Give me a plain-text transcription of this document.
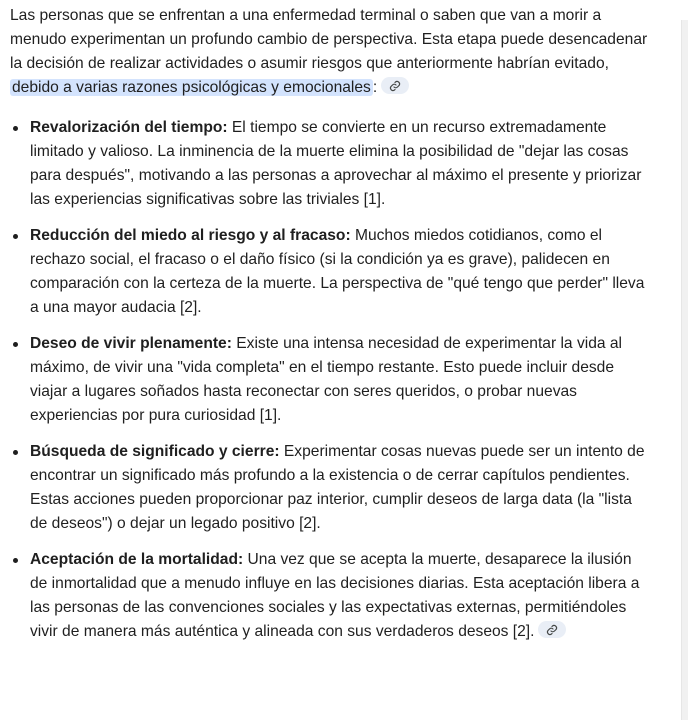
Las personas que se enfrentan a una enfermedad terminal o saben que van a morir a menudo experimentan un profundo cambio de perspectiva. Esta etapa puede desencadenar la decisión de realizar actividades o asumir riesgos que anteriormente habrían evitado, debido a varias razones psicológicas y emocionales :

Revalorización del tiempo: El tiempo se convierte en un recurso extremadamente limitado y valioso. La inminencia de la muerte elimina la posibilidad de "dejar las cosas para después", motivando a las personas a aprovechar al máximo el presente y priorizar las experiencias significativas sobre las triviales [1].
Reducción del miedo al riesgo y al fracaso: Muchos miedos cotidianos, como el rechazo social, el fracaso o el daño físico (si la condición ya es grave), palidecen en comparación con la certeza de la muerte. La perspectiva de "qué tengo que perder" lleva a una mayor audacia [2].
Deseo de vivir plenamente: Existe una intensa necesidad de experimentar la vida al máximo, de vivir una "vida completa" en el tiempo restante. Esto puede incluir desde viajar a lugares soñados hasta reconectar con seres queridos, o probar nuevas experiencias por pura curiosidad [1].
Búsqueda de significado y cierre: Experimentar cosas nuevas puede ser un intento de encontrar un significado más profundo a la existencia o de cerrar capítulos pendientes. Estas acciones pueden proporcionar paz interior, cumplir deseos de larga data (la "lista de deseos") o dejar un legado positivo [2].
Aceptación de la mortalidad: Una vez que se acepta la muerte, desaparece la ilusión de inmortalidad que a menudo influye en las decisiones diarias. Esta aceptación libera a las personas de las convenciones sociales y las expectativas externas, permitiéndoles vivir de manera más auténtica y alineada con sus verdaderos deseos [2].
